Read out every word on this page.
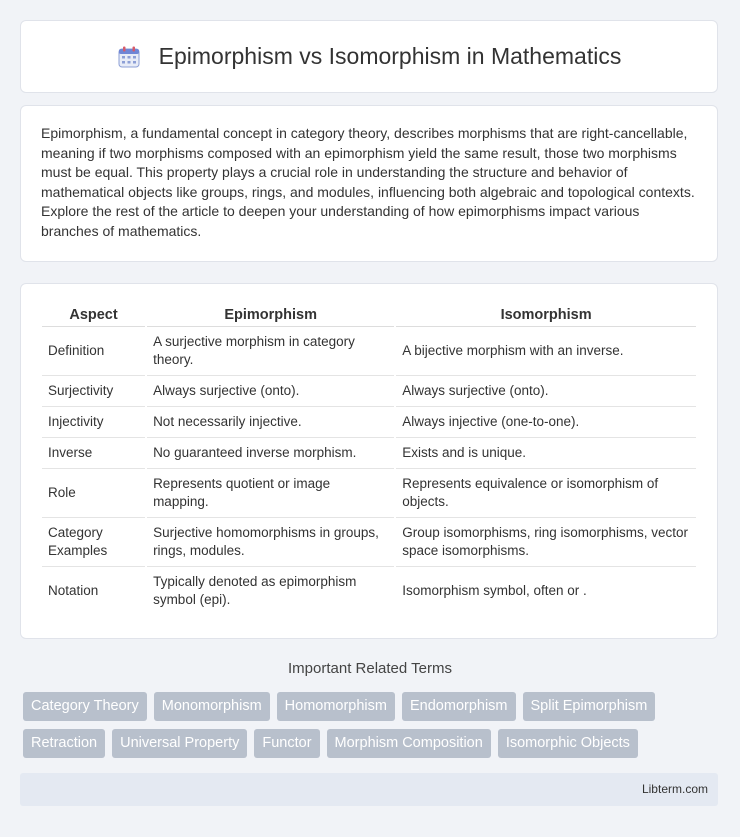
Epimorphism vs Isomorphism in Mathematics

Epimorphism, a fundamental concept in category theory, describes morphisms that are right-cancellable, meaning if two morphisms composed with an epimorphism yield the same result, those two morphisms must be equal. This property plays a crucial role in understanding the structure and behavior of mathematical objects like groups, rings, and modules, influencing both algebraic and topological contexts. Explore the rest of the article to deepen your understanding of how epimorphisms impact various branches of mathematics.

Aspect	Epimorphism	Isomorphism
Definition	A surjective morphism in category theory.	A bijective morphism with an inverse.
Surjectivity	Always surjective (onto).	Always surjective (onto).
Injectivity	Not necessarily injective.	Always injective (one-to-one).
Inverse	No guaranteed inverse morphism.	Exists and is unique.
Role	Represents quotient or image mapping.	Represents equivalence or isomorphism of objects.
Category Examples	Surjective homomorphisms in groups, rings, modules.	Group isomorphisms, ring isomorphisms, vector space isomorphisms.
Notation	Typically denoted as epimorphism symbol (epi).	Isomorphism symbol, often or .
Important Related Terms
Category Theory	Monomorphism	Homomorphism	Endomorphism	Split Epimorphism
Retraction	Universal Property	Functor	Morphism Composition	Isomorphic Objects
Libterm.com
